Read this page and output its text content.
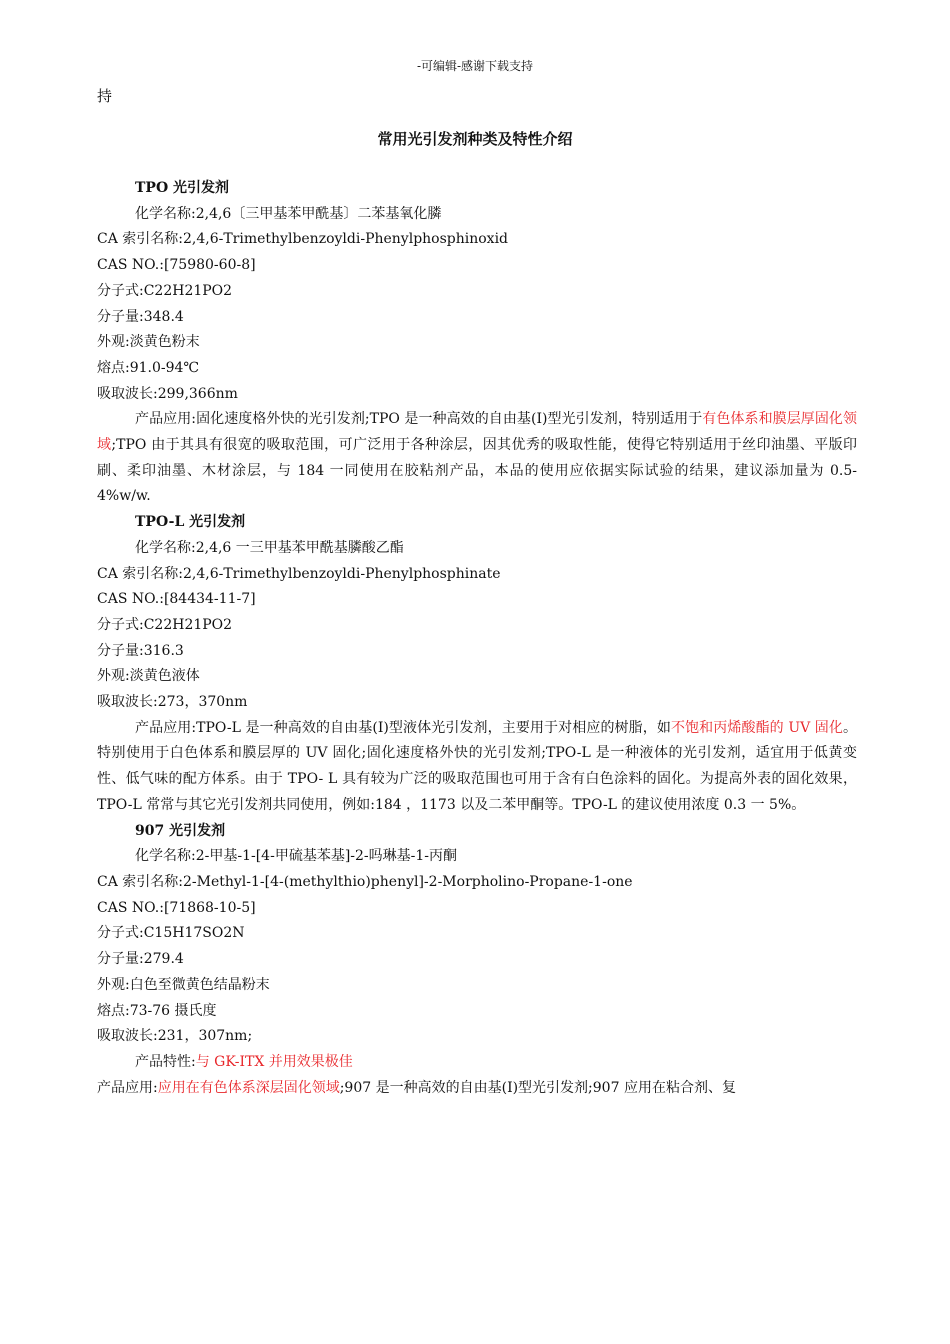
-可编辑-感谢下载支持
持
常用光引发剂种类及特性介绍

TPO 光引发剂

化学名称:2,4,6〔三甲基苯甲酰基〕二苯基氧化膦

CA 索引名称:2,4,6-Trimethylbenzoyldi-Phenylphosphinoxid

CAS NO.:[75980-60-8]

分子式:C22H21PO2

分子量:348.4

外观:淡黄色粉末

熔点:91.0-94℃

吸取波长:299,366nm

产品应用:固化速度格外快的光引发剂;TPO 是一种高效的自由基(I)型光引发剂，特别适用于有色体系和膜层厚固化领域;TPO 由于其具有很宽的吸取范围，可广泛用于各种涂层，因其优秀的吸取性能，使得它特别适用于丝印油墨、平版印刷、柔印油墨、木材涂层，与 184 一同使用在胶粘剂产品，本品的使用应依据实际试验的结果，建议添加量为 0.5-4%w/w.

TPO-L 光引发剂

化学名称:2,4,6 一三甲基苯甲酰基膦酸乙酯

CA 索引名称:2,4,6-Trimethylbenzoyldi-Phenylphosphinate

CAS NO.:[84434-11-7]

分子式:C22H21PO2

分子量:316.3

外观:淡黄色液体

吸取波长:273，370nm

产品应用:TPO-L 是一种高效的自由基(I)型液体光引发剂，主要用于对相应的树脂，如不饱和丙烯酸酯的 UV 固化。特别使用于白色体系和膜层厚的 UV 固化;固化速度格外快的光引发剂;TPO-L 是一种液体的光引发剂，适宜用于低黄变性、低气味的配方体系。由于 TPO- L 具有较为广泛的吸取范围也可用于含有白色涂料的固化。为提高外表的固化效果，TPO-L 常常与其它光引发剂共同使用，例如:184 ，1173 以及二苯甲酮等。TPO-L 的建议使用浓度 0.3 一 5%。

907 光引发剂

化学名称:2-甲基-1-[4-甲硫基苯基]-2-吗琳基-1-丙酮

CA 索引名称:2-Methyl-1-[4-(methylthio)phenyl]-2-Morpholino-Propane-1-one

CAS NO.:[71868-10-5]

分子式:C15H17SO2N

分子量:279.4

外观:白色至微黄色结晶粉末

熔点:73-76 摄氏度

吸取波长:231，307nm;

产品特性:与 GK-ITX 并用效果极佳

产品应用:应用在有色体系深层固化领域;907 是一种高效的自由基(I)型光引发剂;907 应用在粘合剂、复
